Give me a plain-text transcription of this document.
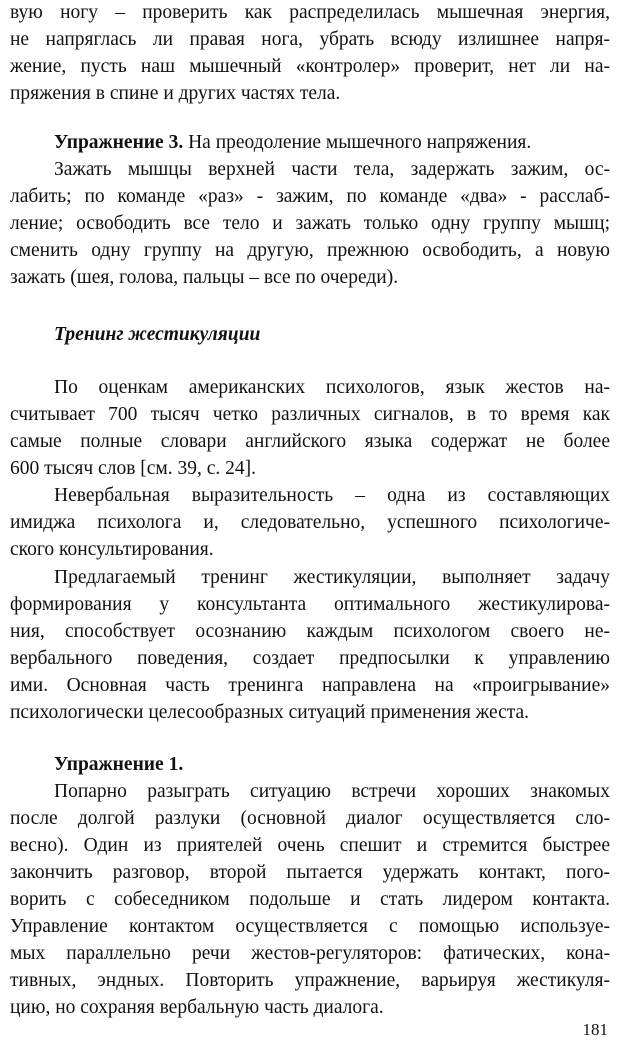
вую ногу – проверить как распределилась мышечная энергия,
не напряглась ли правая нога, убрать всюду излишнее напря-
жение, пусть наш мышечный «контролер» проверит, нет ли на-
пряжения в спине и других частях тела.
Упражнение 3. На преодоление мышечного напряжения.
Зажать мышцы верхней части тела, задержать зажим, ос-
лабить; по команде «раз» - зажим, по команде «два» - расслаб-
ление; освободить все тело и зажать только одну группу мышц;
сменить одну группу на другую, прежнюю освободить, а новую
зажать (шея, голова, пальцы – все по очереди).
Тренинг жестикуляции
По оценкам американских психологов, язык жестов на-
считывает 700 тысяч четко различных сигналов, в то время как
самые полные словари английского языка содержат не более
600 тысяч слов [см. 39, с. 24].
Невербальная выразительность – одна из составляющих
имиджа психолога и, следовательно, успешного психологиче-
ского консультирования.
Предлагаемый тренинг жестикуляции, выполняет задачу
формирования у консультанта оптимального жестикулирова-
ния, способствует осознанию каждым психологом своего не-
вербального поведения, создает предпосылки к управлению
ими. Основная часть тренинга направлена на «проигрывание»
психологически целесообразных ситуаций применения жеста.
Упражнение 1.
Попарно разыграть ситуацию встречи хороших знакомых
после долгой разлуки (основной диалог осуществляется сло-
весно). Один из приятелей очень спешит и стремится быстрее
закончить разговор, второй пытается удержать контакт, пого-
ворить с собеседником подольше и стать лидером контакта.
Управление контактом осуществляется с помощью используе-
мых параллельно речи жестов-регуляторов: фатических, кона-
тивных, эндных. Повторить упражнение, варьируя жестикуля-
цию, но сохраняя вербальную часть диалога.
181
